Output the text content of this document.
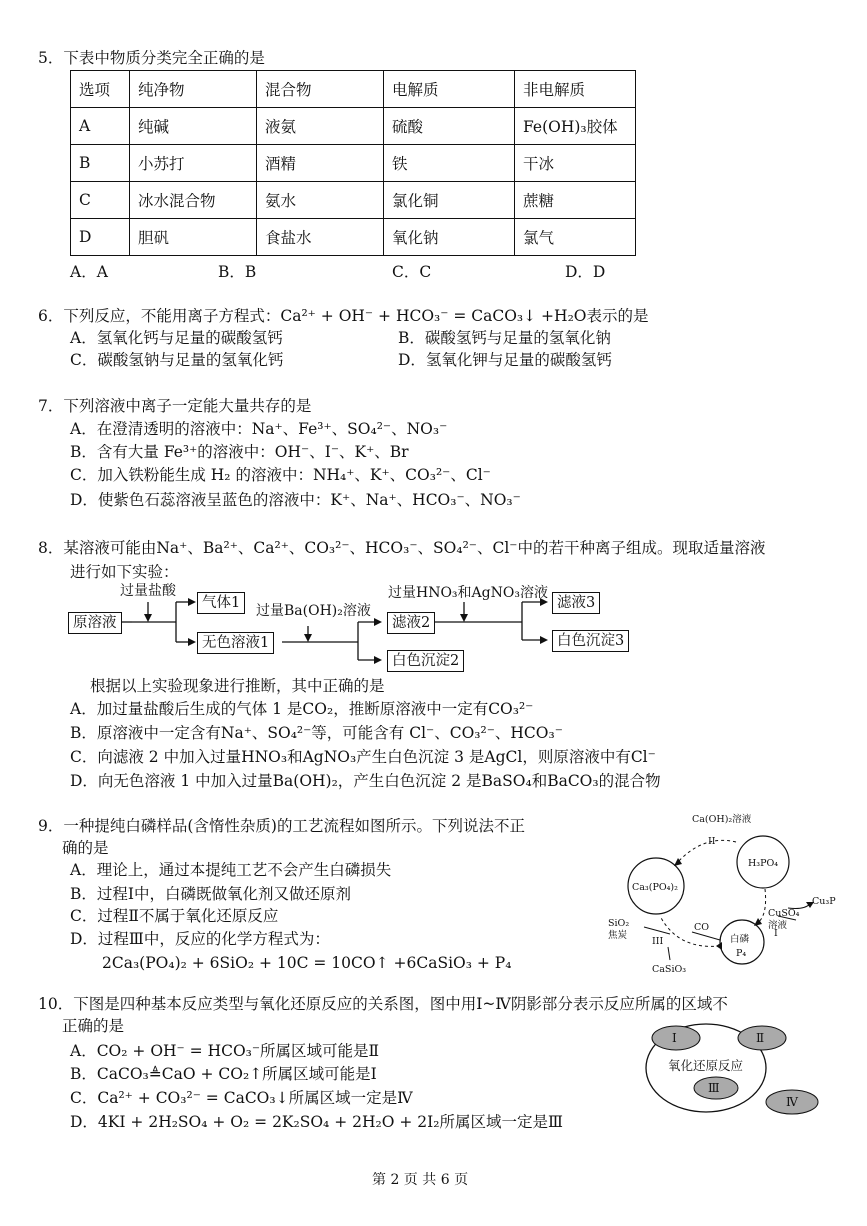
5．下表中物质分类完全正确的是
选项	纯净物	混合物	电解质	非电解质
A	纯碱	液氨	硫酸	Fe(OH)₃胶体
B	小苏打	酒精	铁	干冰
C	冰水混合物	氨水	氯化铜	蔗糖
D	胆矾	食盐水	氧化钠	氯气
A．A	B．B	C．C	D．D
6．下列反应，不能用离子方程式：Ca²⁺ + OH⁻ + HCO₃⁻ = CaCO₃↓ +H₂O表示的是
A．氢氧化钙与足量的碳酸氢钙	B．碳酸氢钙与足量的氢氧化钠
C．碳酸氢钠与足量的氢氧化钙	D．氢氧化钾与足量的碳酸氢钙
7．下列溶液中离子一定能大量共存的是
A．在澄清透明的溶液中：Na⁺、Fe³⁺、SO₄²⁻、NO₃⁻
B．含有大量 Fe³⁺的溶液中：OH⁻、I⁻、K⁺、Br
C．加入铁粉能生成 H₂ 的溶液中：NH₄⁺、K⁺、CO₃²⁻、Cl⁻
D．使紫色石蕊溶液呈蓝色的溶液中：K⁺、Na⁺、HCO₃⁻、NO₃⁻
8．某溶液可能由Na⁺、Ba²⁺、Ca²⁺、CO₃²⁻、HCO₃⁻、SO₄²⁻、Cl⁻中的若干种离子组成。现取适量溶液
进行如下实验：
原溶液
过量盐酸
气体1
无色溶液1
过量Ba(OH)₂溶液
滤液2
白色沉淀2
过量HNO₃和AgNO₃溶液
滤液3
白色沉淀3
根据以上实验现象进行推断，其中正确的是
A．加过量盐酸后生成的气体 1 是CO₂，推断原溶液中一定有CO₃²⁻
B．原溶液中一定含有Na⁺、SO₄²⁻等，可能含有 Cl⁻、CO₃²⁻、HCO₃⁻
C．向滤液 2 中加入过量HNO₃和AgNO₃产生白色沉淀 3 是AgCl，则原溶液中有Cl⁻
D．向无色溶液 1 中加入过量Ba(OH)₂，产生白色沉淀 2 是BaSO₄和BaCO₃的混合物
9．一种提纯白磷样品(含惰性杂质)的工艺流程如图所示。下列说法不正
确的是
A．理论上，通过本提纯工艺不会产生白磷损失
B．过程Ⅰ中，白磷既做氧化剂又做还原剂
C．过程Ⅱ不属于氧化还原反应
D．过程Ⅲ中，反应的化学方程式为：
2Ca₃(PO₄)₂ + 6SiO₂ + 10C = 10CO↑ +6CaSiO₃ + P₄
Ca(OH)₂溶液
II
H₃PO₄
Ca₃(PO₄)₂
CuSO₄
溶液
Cu₃P
SiO₂
焦炭
III
CO
I
白磷
P₄
CaSiO₃
10．下图是四种基本反应类型与氧化还原反应的关系图，图中用Ⅰ~Ⅳ阴影部分表示反应所属的区域不
正确的是
A．CO₂ + OH⁻ = HCO₃⁻所属区域可能是Ⅱ
B．CaCO₃≜CaO + CO₂↑所属区域可能是Ⅰ
C．Ca²⁺ + CO₃²⁻ = CaCO₃↓所属区域一定是Ⅳ
D．4KI + 2H₂SO₄ + O₂ = 2K₂SO₄ + 2H₂O + 2I₂所属区域一定是Ⅲ
Ⅰ	Ⅱ
Ⅲ
Ⅳ
氧化还原反应
第 2 页 共 6 页
